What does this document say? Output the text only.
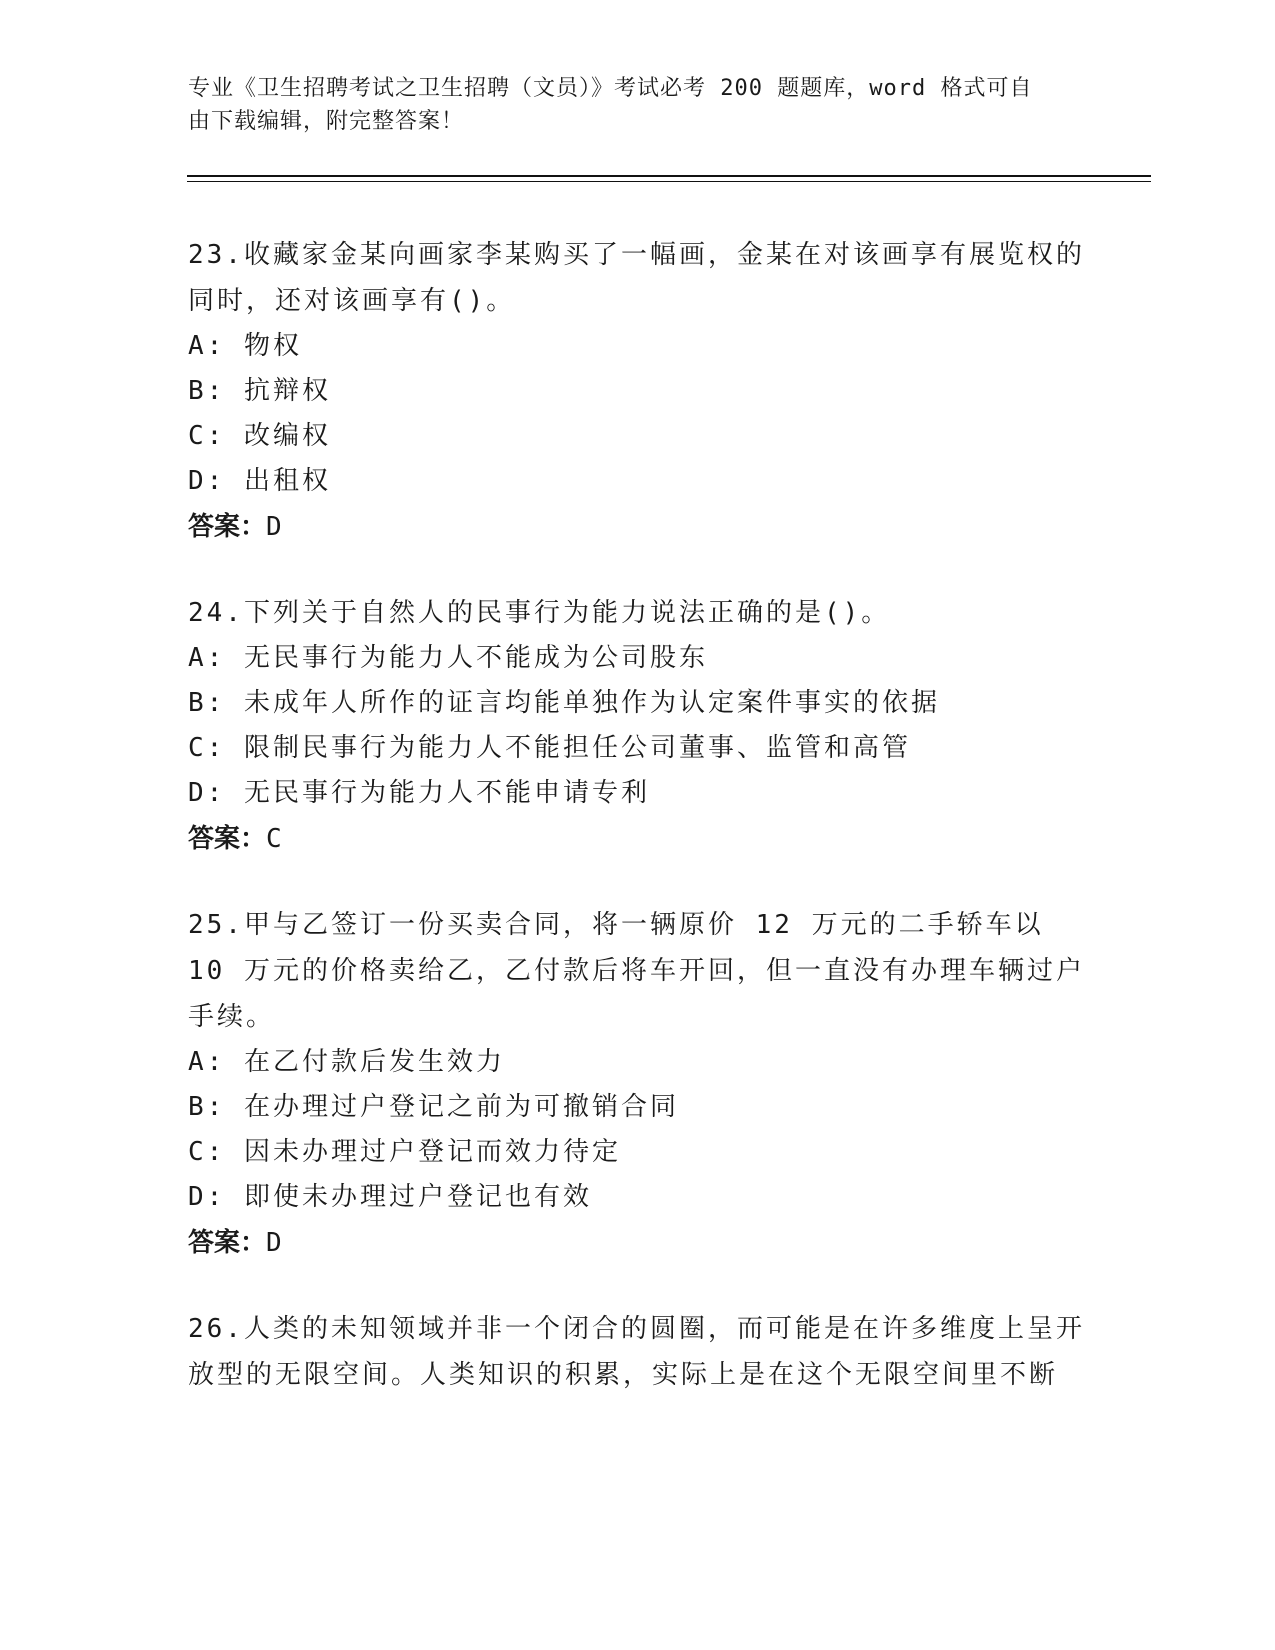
专业《卫生招聘考试之卫生招聘（文员）》考试必考 200 题题库，word 格式可自
由下载编辑，附完整答案！

23.收藏家金某向画家李某购买了一幅画，金某在对该画享有展览权的同时，还对该画享有()。

A: 物权

B: 抗辩权

C: 改编权

D: 出租权

答案：D

24.下列关于自然人的民事行为能力说法正确的是()。

A: 无民事行为能力人不能成为公司股东

B: 未成年人所作的证言均能单独作为认定案件事实的依据

C: 限制民事行为能力人不能担任公司董事、监管和高管

D: 无民事行为能力人不能申请专利

答案：C

25.甲与乙签订一份买卖合同，将一辆原价 12 万元的二手轿车以 10 万元的价格卖给乙，乙付款后将车开回，但一直没有办理车辆过户手续。

A: 在乙付款后发生效力

B: 在办理过户登记之前为可撤销合同

C: 因未办理过户登记而效力待定

D: 即使未办理过户登记也有效

答案：D

26.人类的未知领域并非一个闭合的圆圈，而可能是在许多维度上呈开放型的无限空间。人类知识的积累，实际上是在这个无限空间里不断
